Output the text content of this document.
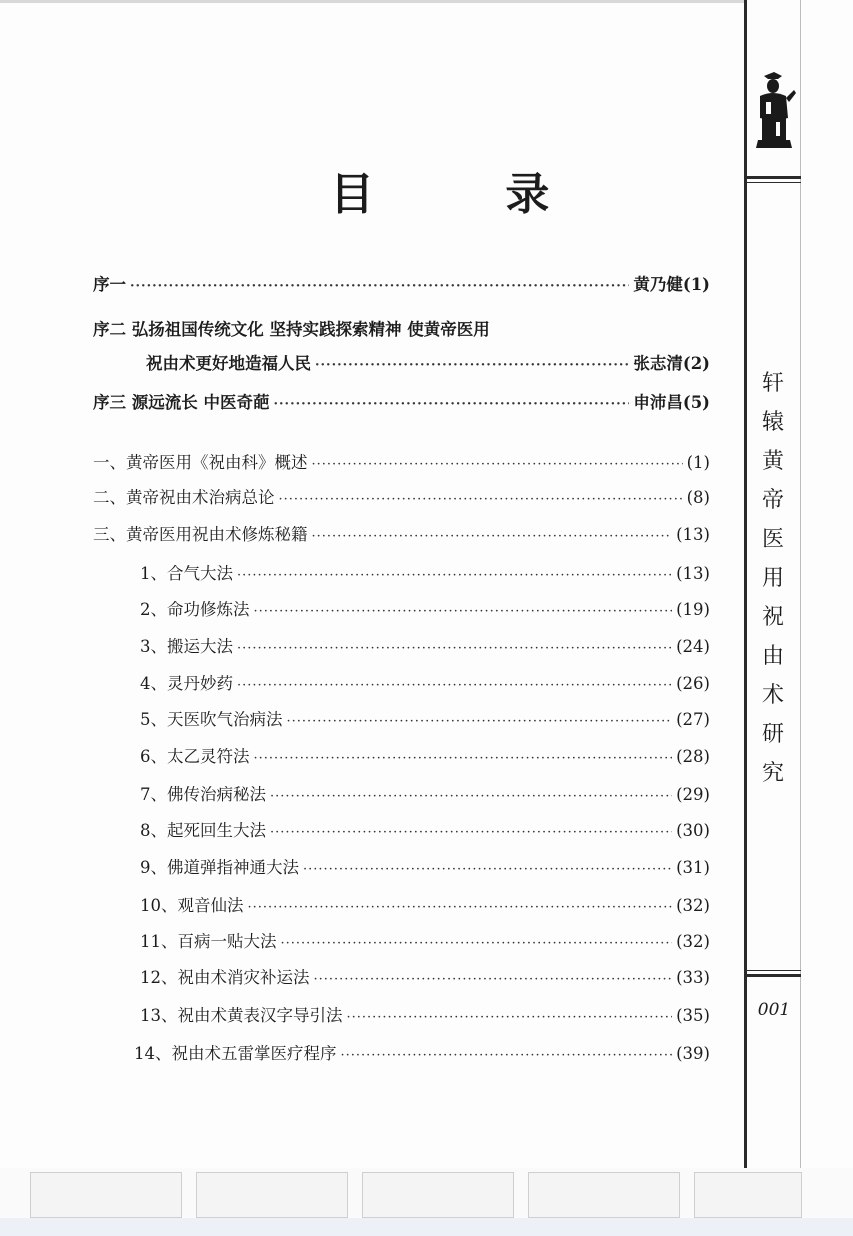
目 录
序一 ·····	黄乃健(1)
序二 弘扬祖国传统文化 坚持实践探索精神 使黄帝医用
祝由术更好地造福人民 ·····	张志清(2)
序三 源远流长 中医奇葩 ·····	申沛昌(5)
一、黄帝医用《祝由科》概述 ·····	(1)
二、黄帝祝由术治病总论 ·····	(8)
三、黄帝医用祝由术修炼秘籍 ·····	(13)
1、合气大法 ·····	(13)
2、命功修炼法 ·····	(19)
3、搬运大法 ·····	(24)
4、灵丹妙药 ·····	(26)
5、天医吹气治病法 ·····	(27)
6、太乙灵符法 ·····	(28)
7、佛传治病秘法 ·····	(29)
8、起死回生大法 ·····	(30)
9、佛道弹指神通大法 ·····	(31)
10、观音仙法 ·····	(32)
11、百病一贴大法 ·····	(32)
12、祝由术消灾补运法 ·····	(33)
13、祝由术黄表汉字导引法 ·····	(35)
14、祝由术五雷掌医疗程序 ·····	(39)
轩
辕
黄
帝
医
用
祝
由
术
研
究
001
